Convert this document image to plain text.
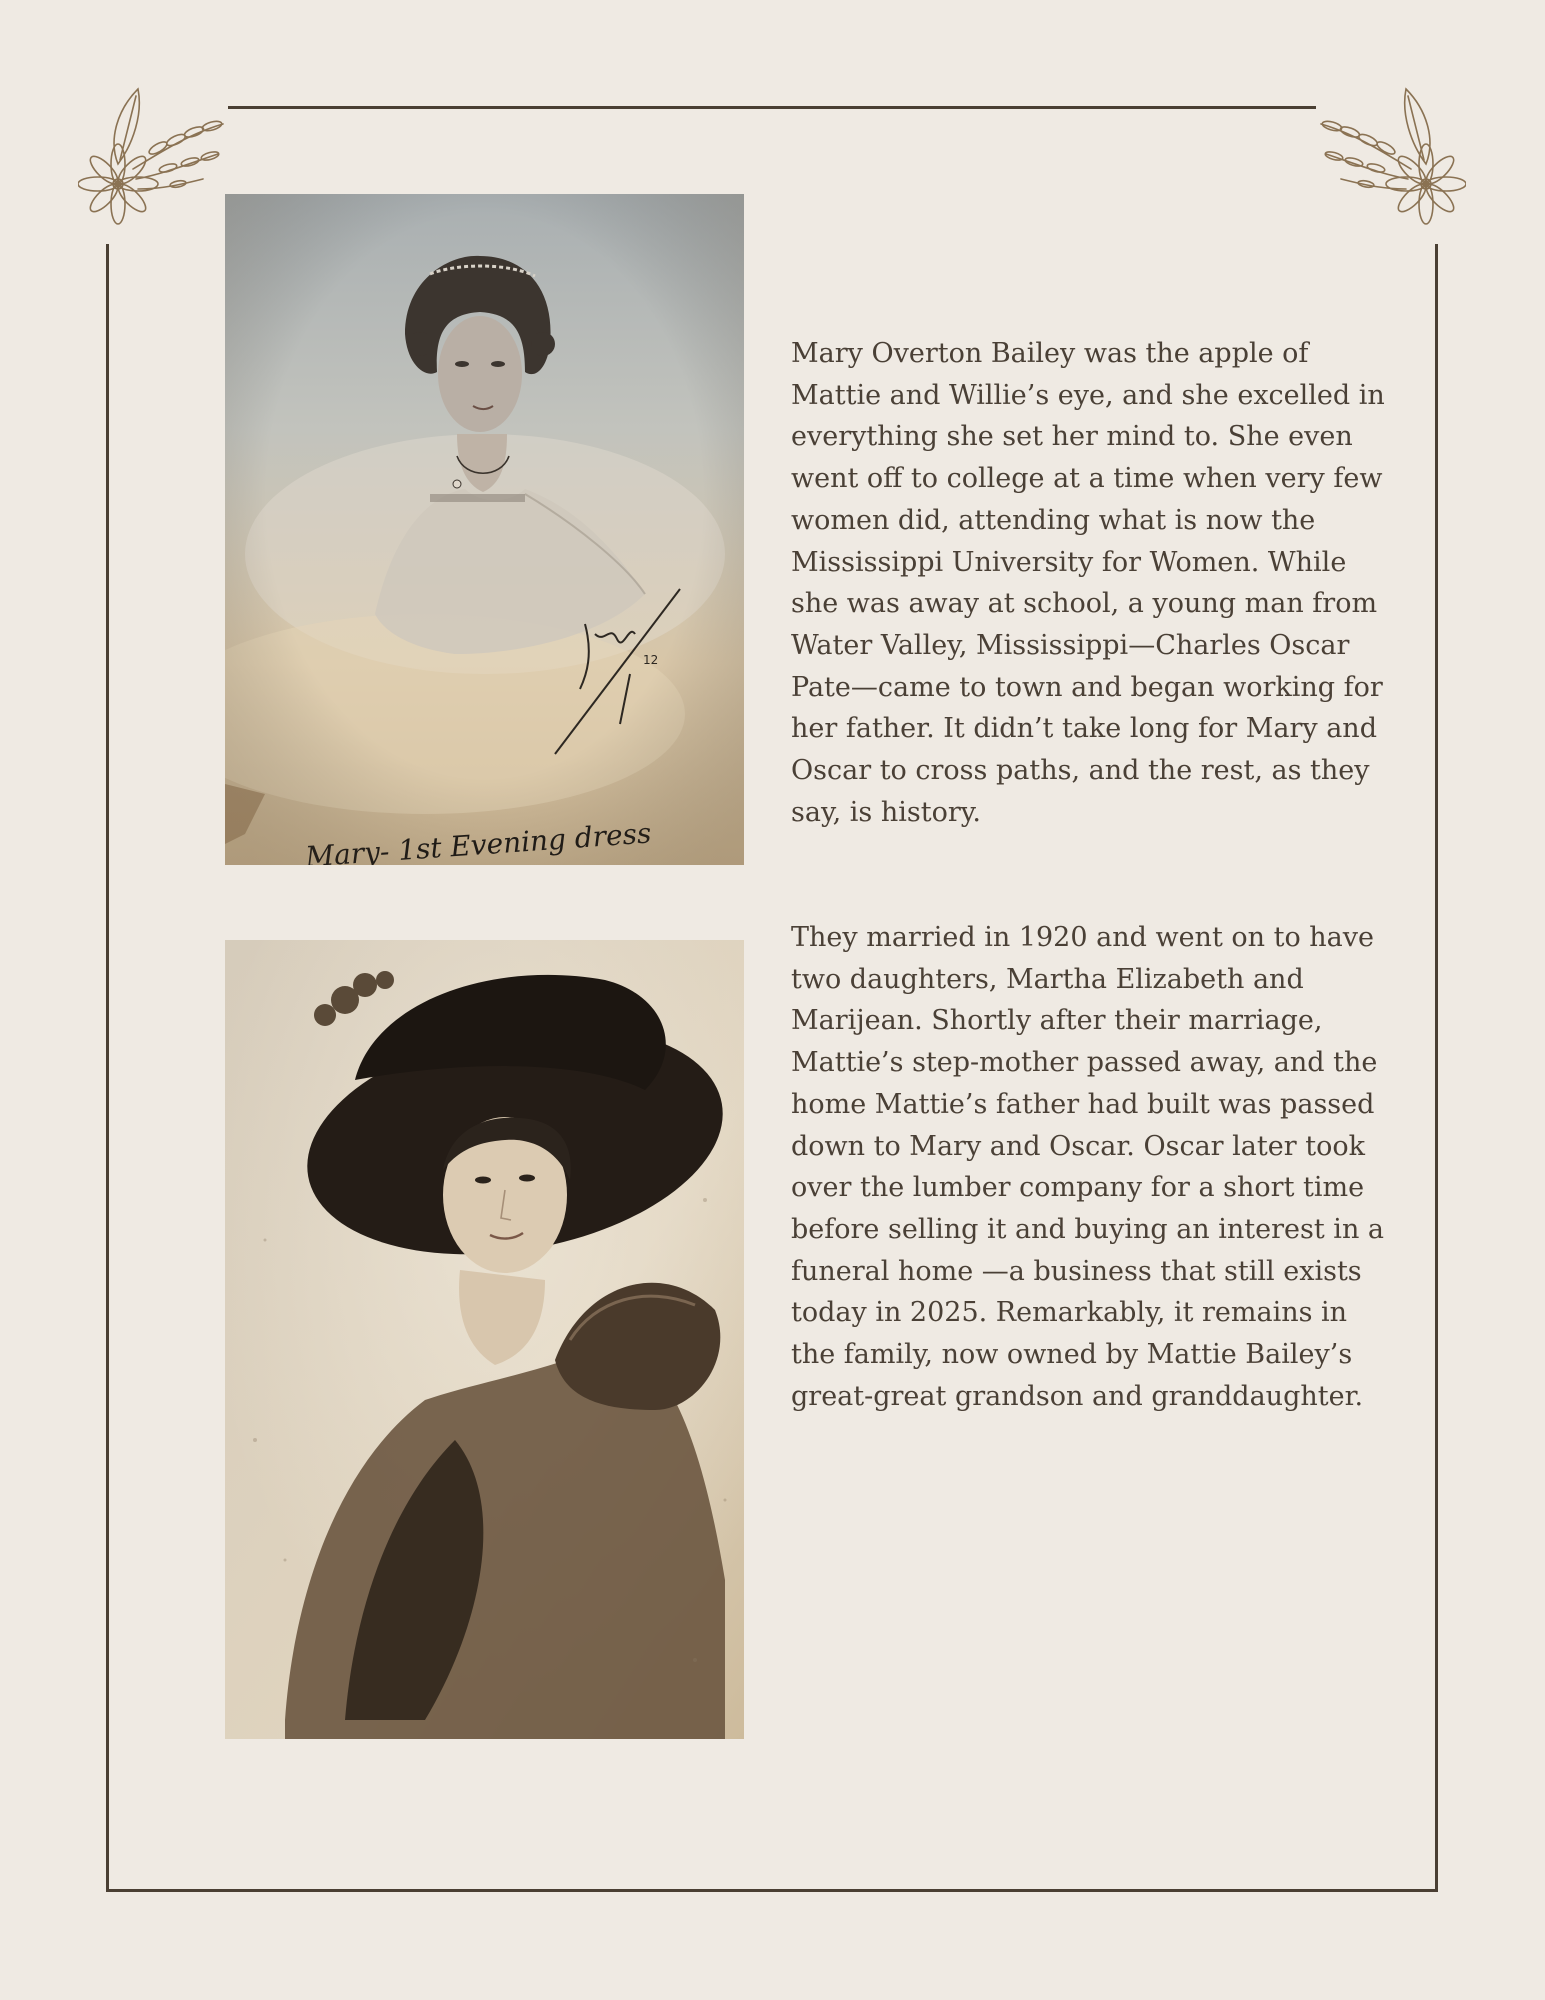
Mary Overton Bailey was the apple of Mattie and Willie’s eye, and she excelled in everything she set her mind to. She even went off to college at a time when very few women did, attending what is now the Mississippi University for Women. While she was away at school, a young man from Water Valley, Mississippi—Charles Oscar Pate—came to town and began working for her father. It didn’t take long for Mary and Oscar to cross paths, and the rest, as they say, is history.

They married in 1920 and went on to have two daughters, Martha Elizabeth and Marijean. Shortly after their marriage, Mattie’s step-mother passed away, and the home Mattie’s father had built was passed down to Mary and Oscar. Oscar later took over the lumber company for a short time before selling it and buying an interest in a funeral home —a business that still exists today in 2025. Remarkably, it remains in the family, now owned by Mattie Bailey’s great-great grandson and granddaughter.
